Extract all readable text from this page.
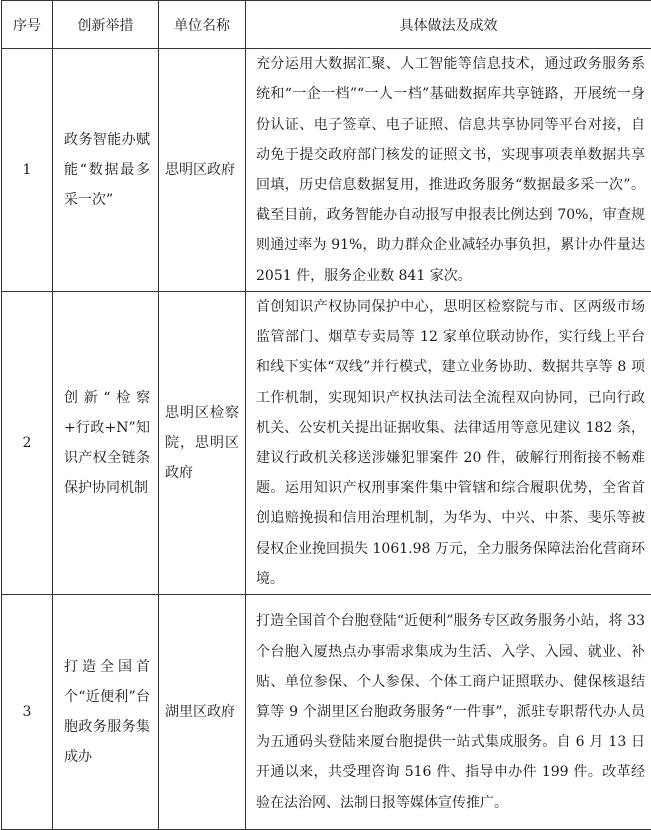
序号	创新举措	单位名称	具体做法及成效
1	政务智能办赋能“数据最多采一次”	思明区政府	充分运用大数据汇聚、人工智能等信息技术，通过政务服务系统和“一企一档”“一人一档”基础数据库共享链路，开展统一身份认证、电子签章、电子证照、信息共享协同等平台对接，自动免于提交政府部门核发的证照文书，实现事项表单数据共享回填，历史信息数据复用，推进政务服务“数据最多采一次”。截至目前，政务智能办自动报写申报表比例达到 70%，审查规则通过率为 91%，助力群众企业减轻办事负担，累计办件量达 2051 件，服务企业数 841 家次。

2	创新“检察+行政+N”知识产权全链条保护协同机制	思明区检察院，思明区政府	首创知识产权协同保护中心，思明区检察院与市、区两级市场监管部门、烟草专卖局等 12 家单位联动协作，实行线上平台和线下实体“双线”并行模式，建立业务协助、数据共享等 8 项工作机制，实现知识产权执法司法全流程双向协同，已向行政机关、公安机关提出证据收集、法律适用等意见建议 182 条，建议行政机关移送涉嫌犯罪案件 20 件，破解行刑衔接不畅难题。运用知识产权刑事案件集中管辖和综合履职优势，全省首创追赔挽损和信用治理机制，为华为、中兴、中茶、斐乐等被侵权企业挽回损失 1061.98 万元，全力服务保障法治化营商环境。

3	打造全国首个“近便利”台胞政务服务集成办	湖里区政府	打造全国首个台胞登陆“近便利”服务专区政务服务小站，将 33 个台胞入厦热点办事需求集成为生活、入学、入园、就业、补贴、单位参保、个人参保、个体工商户证照联办、健保核退结算等 9 个湖里区台胞政务服务“一件事”，派驻专职帮代办人员为五通码头登陆来厦台胞提供一站式集成服务。自 6 月 13 日开通以来，共受理咨询 516 件、指导申办件 199 件。改革经验在法治网、法制日报等媒体宣传推广。
